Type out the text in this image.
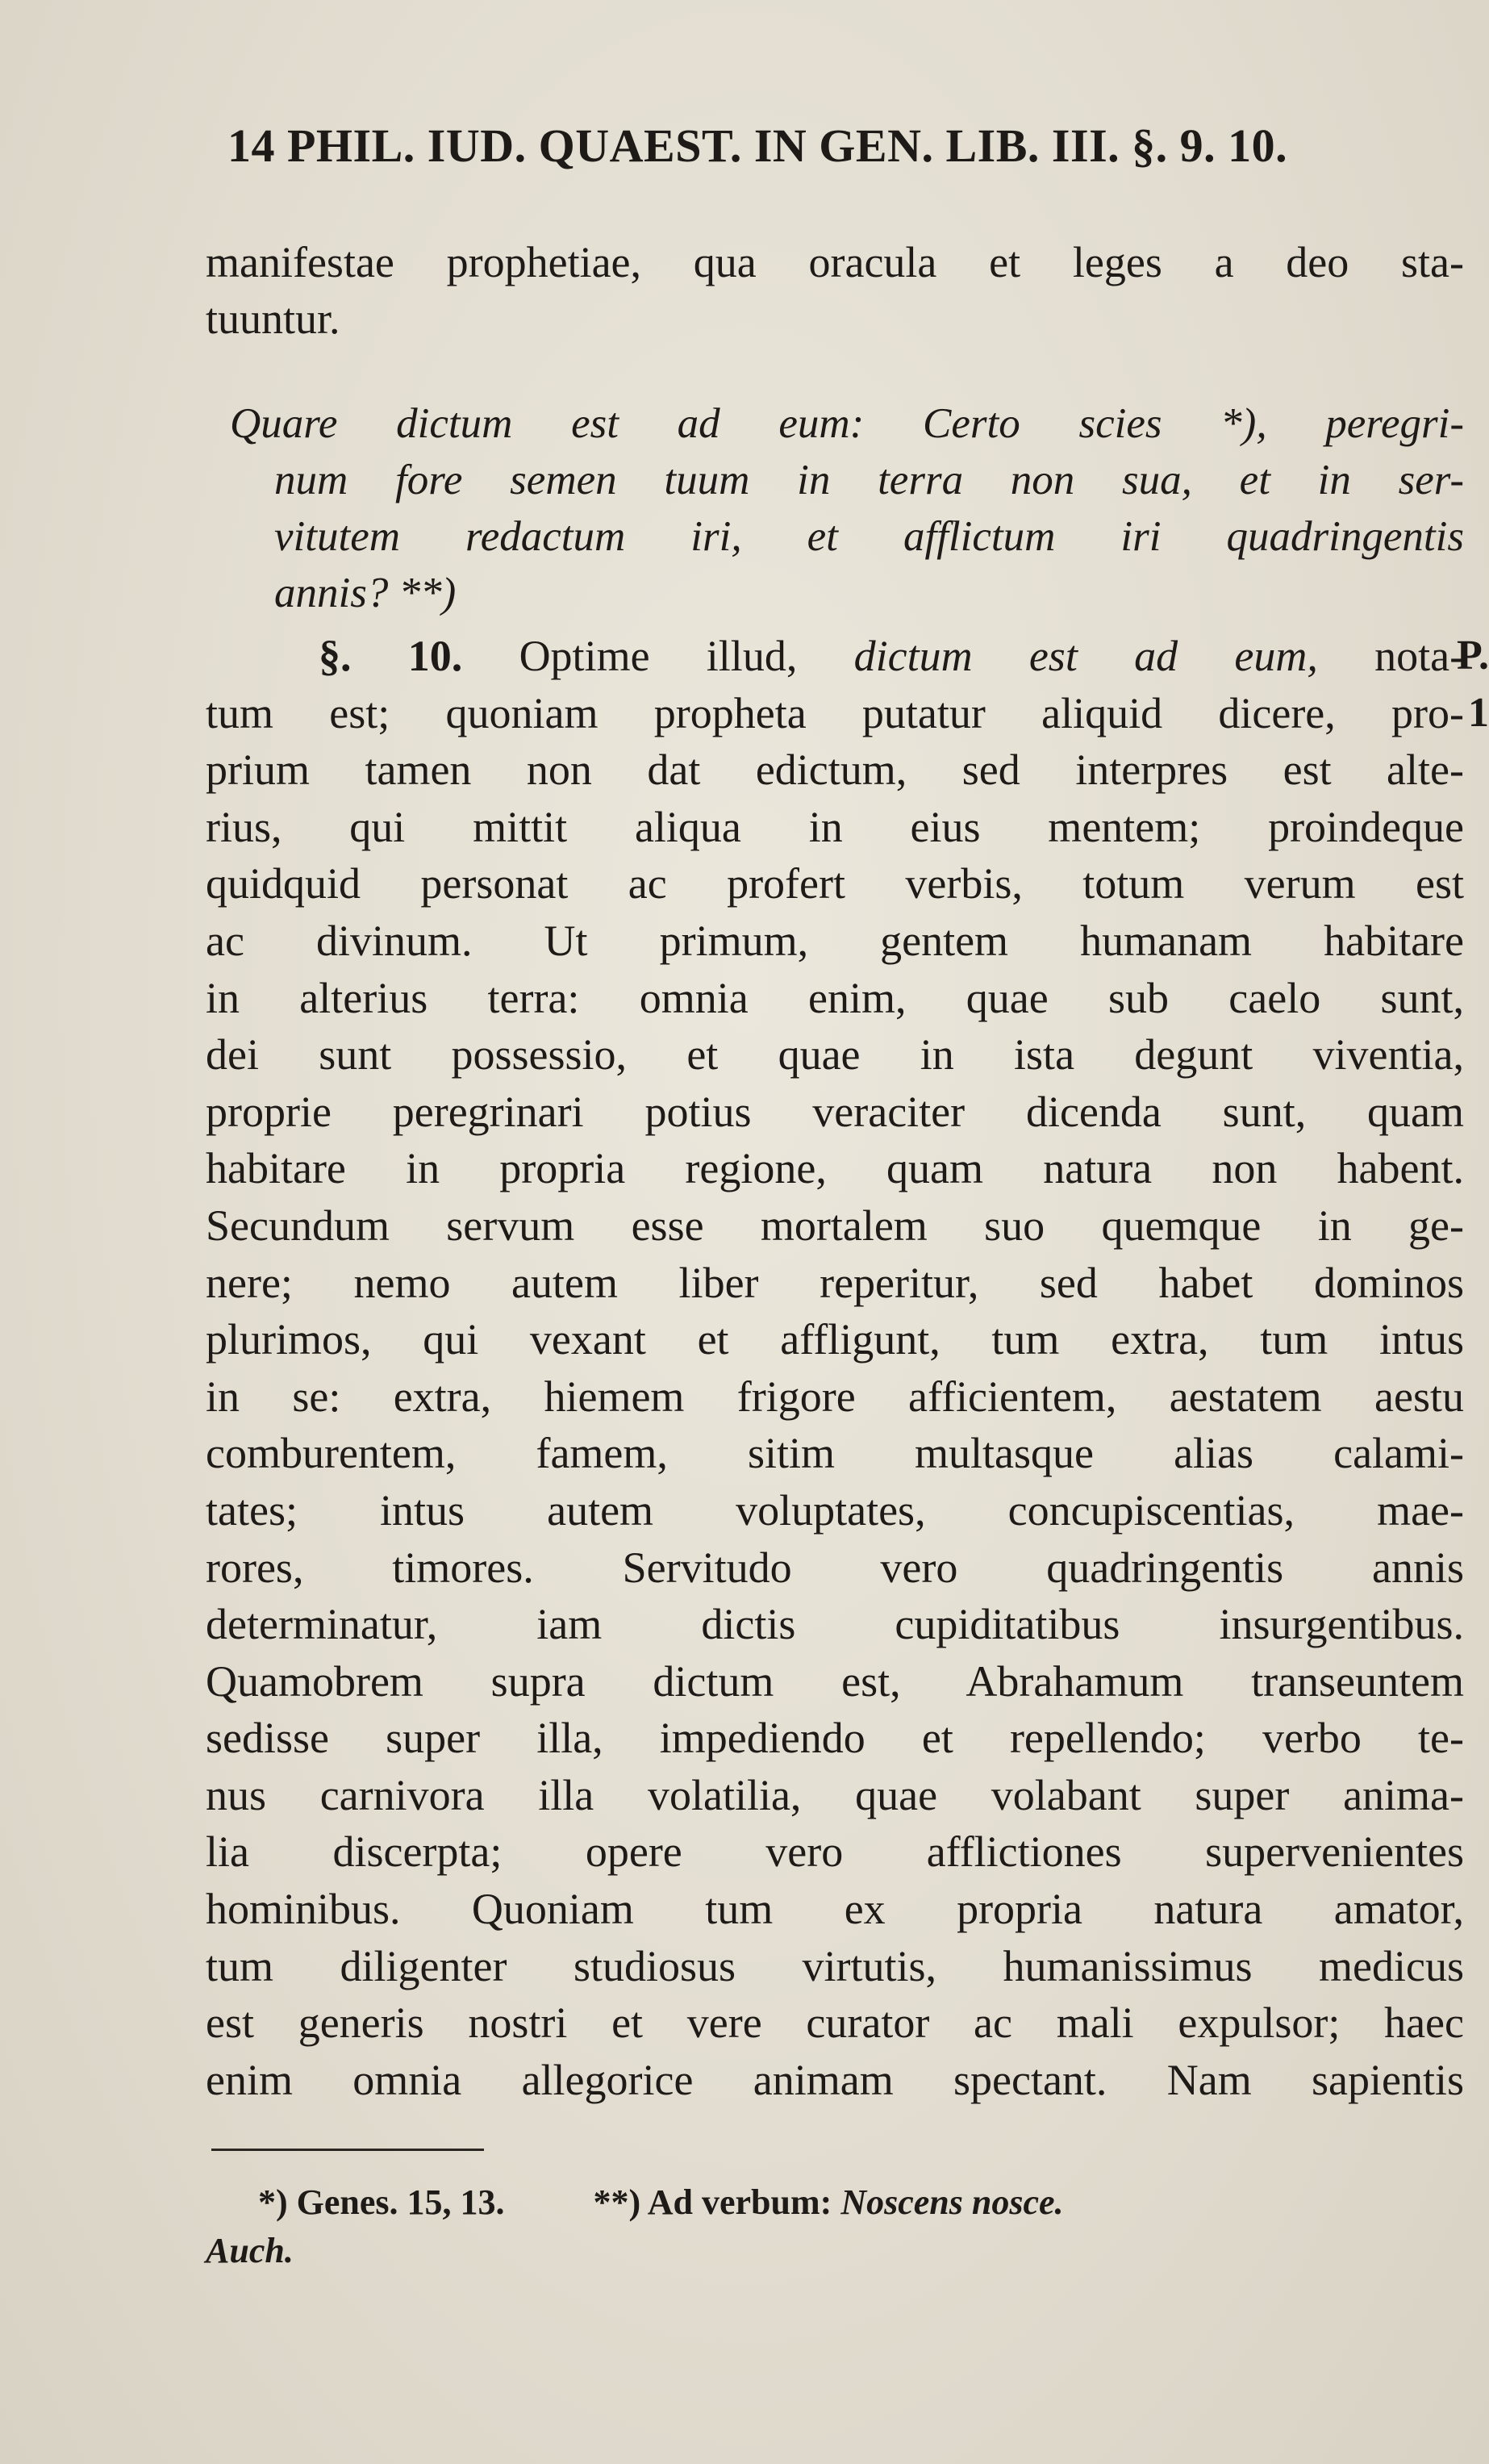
14 PHIL. IUD. QUAEST. IN GEN. LIB. III. §. 9. 10.
manifestae prophetiae, qua oracula et leges a deo sta-
tuuntur.
Quare dictum est ad eum: Certo scies *), peregri-
num fore semen tuum in terra non sua, et in ser-
vitutem redactum iri, et afflictum iri quadringentis
annis? **)
§. 10. Optime illud, dictum est ad eum, nota-
tum est; quoniam propheta putatur aliquid dicere, pro-
prium tamen non dat edictum, sed interpres est alte-
rius, qui mittit aliqua in eius mentem; proindeque
quidquid personat ac profert verbis, totum verum est
ac divinum. Ut primum, gentem humanam habitare
in alterius terra: omnia enim, quae sub caelo sunt,
dei sunt possessio, et quae in ista degunt viventia,
proprie peregrinari potius veraciter dicenda sunt, quam
habitare in propria regione, quam natura non habent.
Secundum servum esse mortalem suo quemque in ge-
nere; nemo autem liber reperitur, sed habet dominos
plurimos, qui vexant et affligunt, tum extra, tum intus
in se: extra, hiemem frigore afficientem, aestatem aestu
comburentem, famem, sitim multasque alias calami-
tates; intus autem voluptates, concupiscentias, mae-
rores, timores. Servitudo vero quadringentis annis
determinatur, iam dictis cupiditatibus insurgentibus.
Quamobrem supra dictum est, Abrahamum transeuntem
sedisse super illa, impediendo et repellendo; verbo te-
nus carnivora illa volatilia, quae volabant super anima-
lia discerpta; opere vero afflictiones supervenientes
hominibus. Quoniam tum ex propria natura amator,
tum diligenter studiosus virtutis, humanissimus medicus
est generis nostri et vere curator ac mali expulsor; haec
enim omnia allegorice animam spectant. Nam sapientis
P.
1
*) Genes. 15, 13.	**) Ad verbum: Noscens nosce.
Auch.
